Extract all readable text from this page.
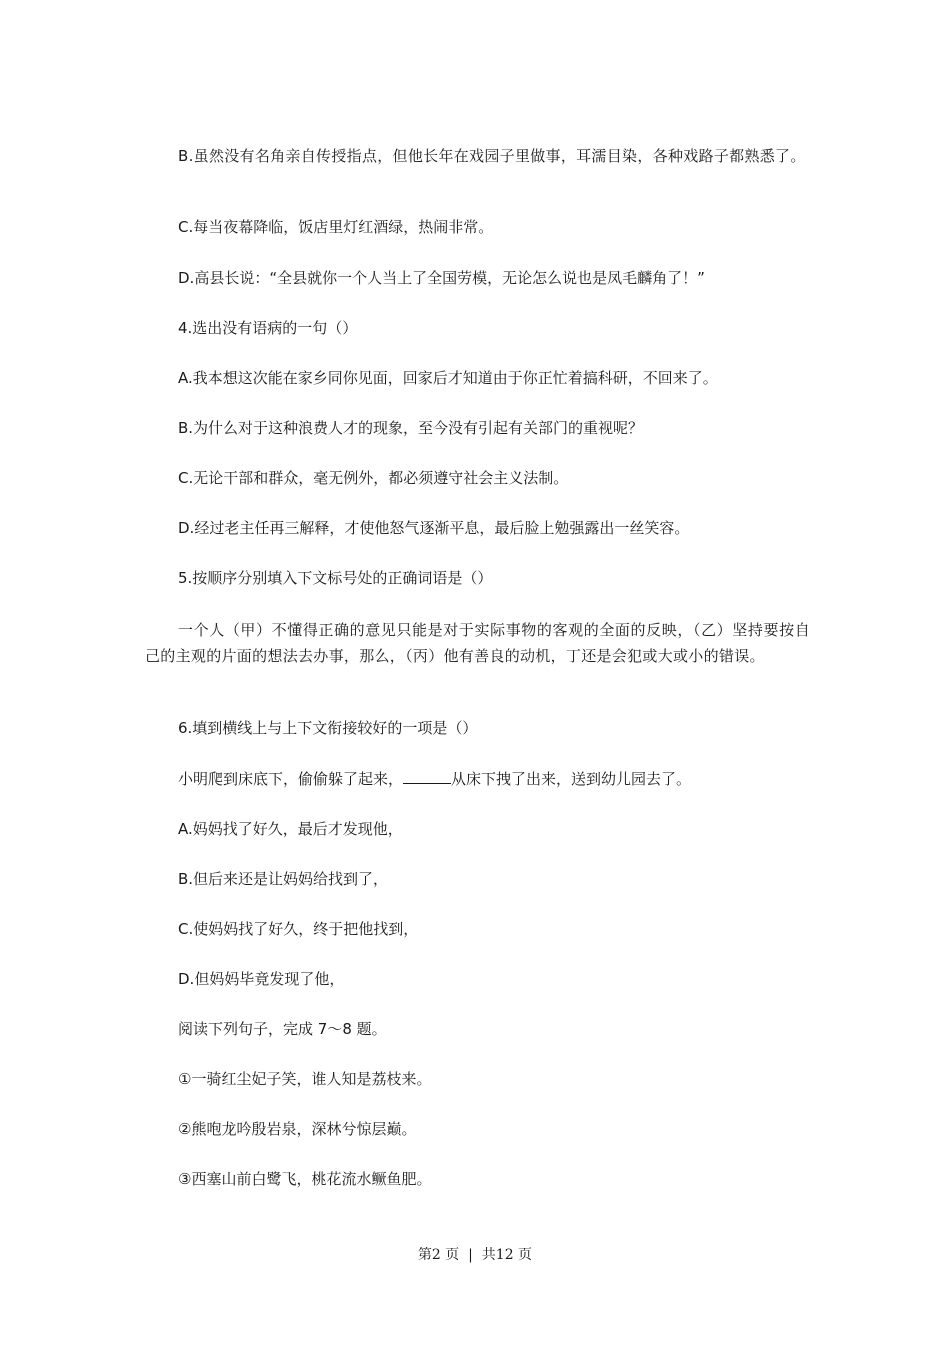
B.虽然没有名角亲自传授指点，但他长年在戏园子里做事，耳濡目染，各种戏路子都熟悉了。
C.每当夜幕降临，饭店里灯红酒绿，热闹非常。
D.高县长说：“全县就你一个人当上了全国劳模，无论怎么说也是凤毛麟角了！”
4.选出没有语病的一句（）
A.我本想这次能在家乡同你见面，回家后才知道由于你正忙着搞科研，不回来了。
B.为什么对于这种浪费人才的现象，至今没有引起有关部门的重视呢？
C.无论干部和群众，毫无例外，都必须遵守社会主义法制。
D.经过老主任再三解释，才使他怒气逐渐平息，最后脸上勉强露出一丝笑容。
5.按顺序分别填入下文标号处的正确词语是（）
一个人（甲）不懂得正确的意见只能是对于实际事物的客观的全面的反映，（乙）坚持要按自己的主观的片面的想法去办事，那么，（丙）他有善良的动机，丁还是会犯或大或小的错误。
6.填到横线上与上下文衔接较好的一项是（）
小明爬到床底下，偷偷躲了起来，	从床下拽了出来，送到幼儿园去了。
A.妈妈找了好久，最后才发现他，
B.但后来还是让妈妈给找到了，
C.使妈妈找了好久，终于把他找到，
D.但妈妈毕竟发现了他，
阅读下列句子，完成 7～8 题。
①一骑红尘妃子笑，谁人知是荔枝来。
②熊咆龙吟殷岩泉，深林兮惊层巅。
③西塞山前白鹭飞，桃花流水鳜鱼肥。
第2 页  |  共12 页
